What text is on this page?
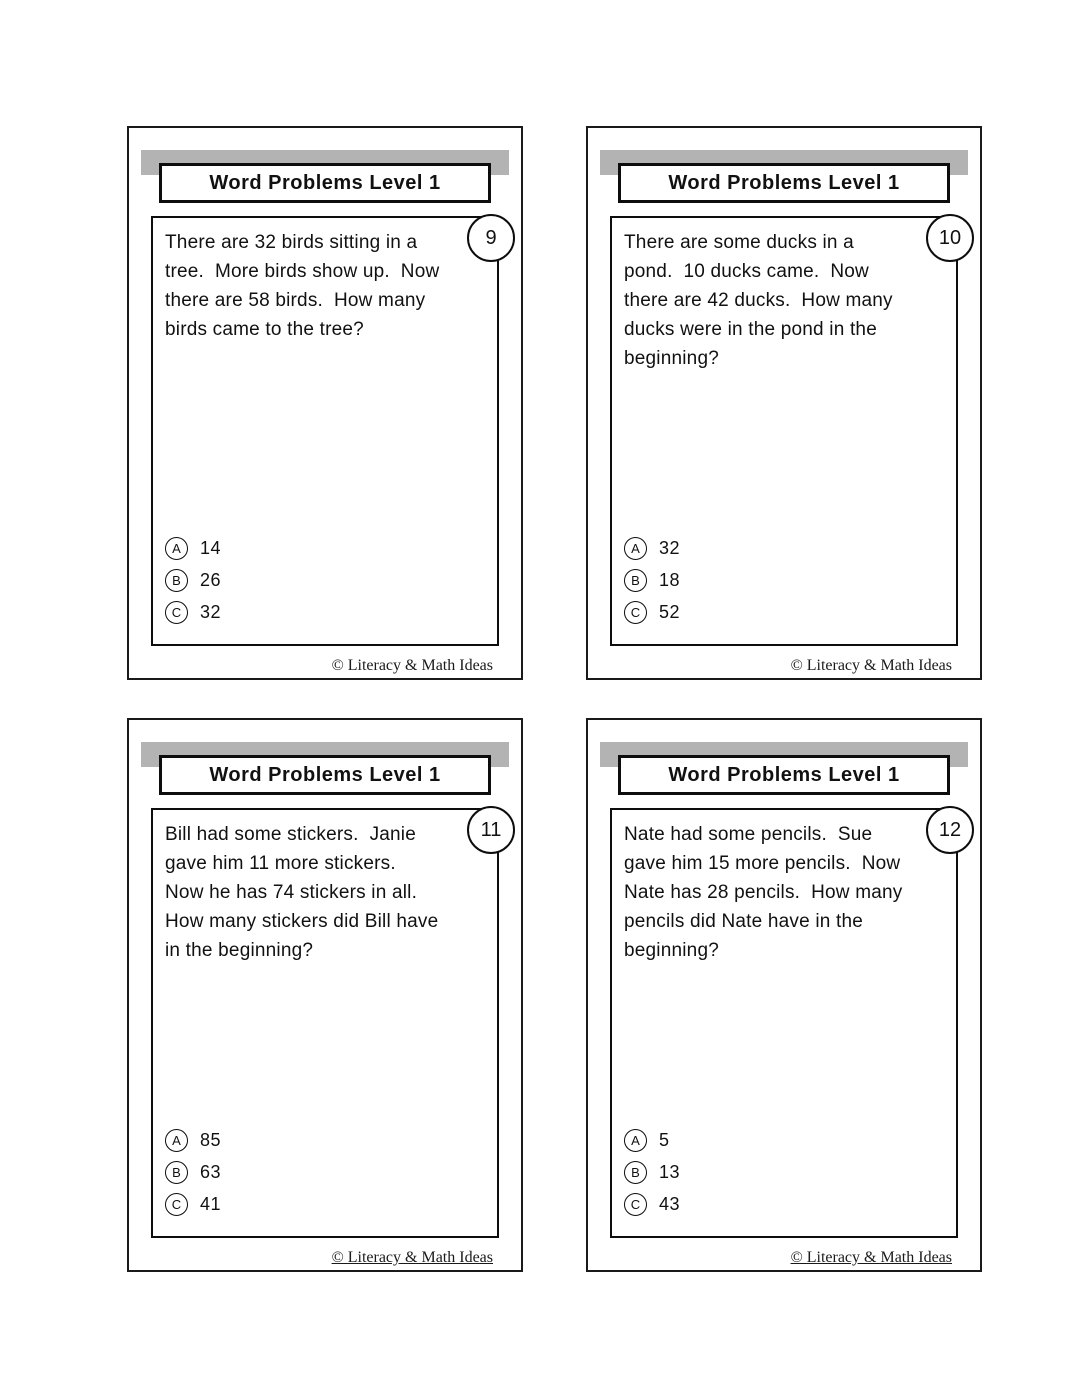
Word Problems Level 1
There are 32 birds sitting in a tree.  More birds show up.  Now there are 58 birds.  How many birds came to the tree?
A	14
B	26
C	32
9
© Literacy & Math Ideas
Word Problems Level 1
There are some ducks in a pond.  10 ducks came.  Now there are 42 ducks.  How many ducks were in the pond in the beginning?
A	32
B	18
C	52
10
© Literacy & Math Ideas
Word Problems Level 1
Bill had some stickers.  Janie gave him 11 more stickers.  Now he has 74 stickers in all.  How many stickers did Bill have in the beginning?
A	85
B	63
C	41
11
© Literacy & Math Ideas
Word Problems Level 1
Nate had some pencils.  Sue gave him 15 more pencils.  Now Nate has 28 pencils.  How many pencils did Nate have in the beginning?
A	5
B	13
C	43
12
© Literacy & Math Ideas
